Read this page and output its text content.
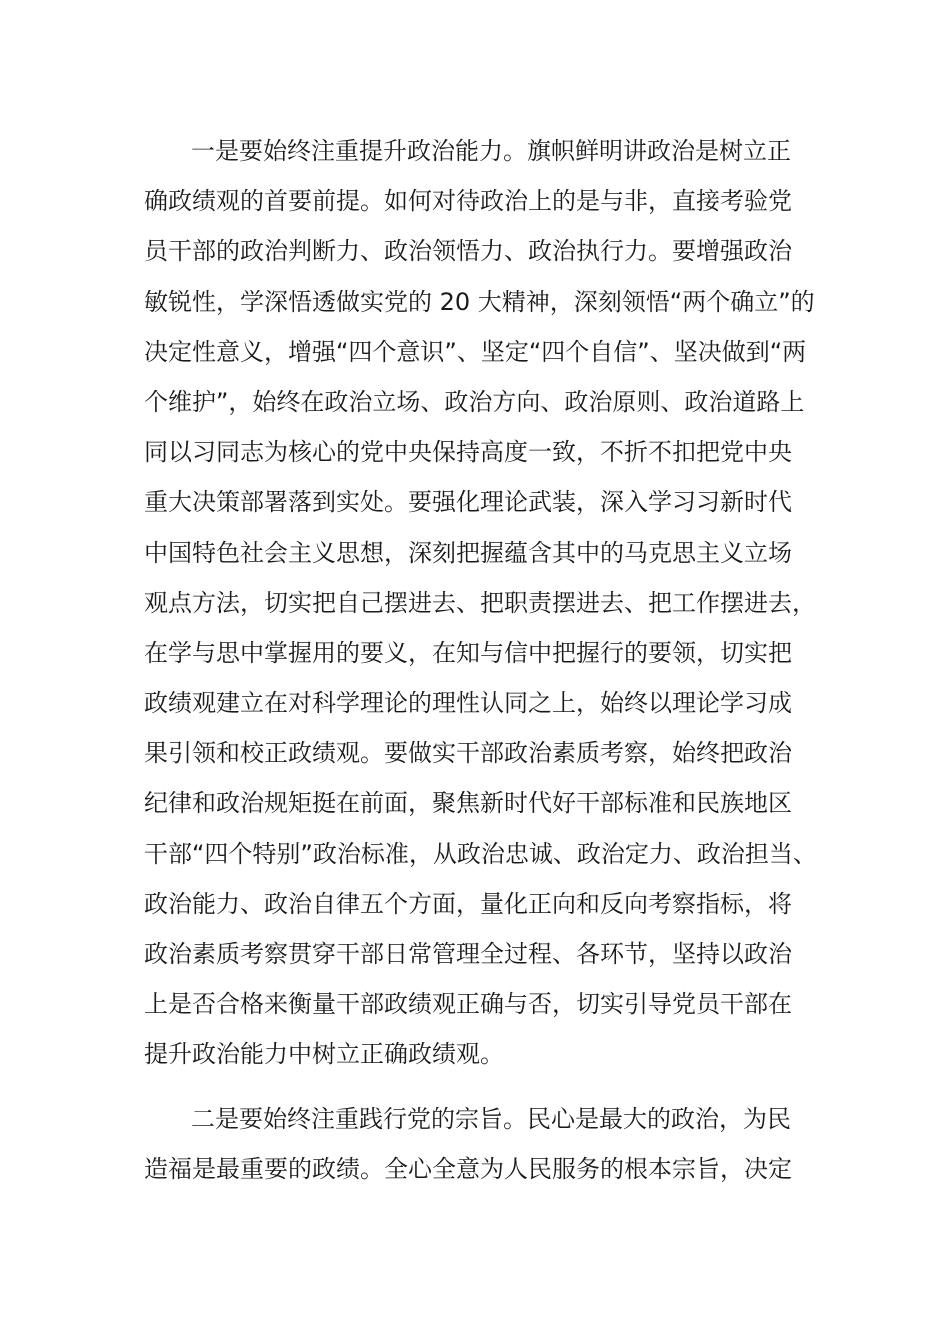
一是要始终注重提升政治能力。旗帜鲜明讲政治是树立正
确政绩观的首要前提。如何对待政治上的是与非，直接考验党
员干部的政治判断力、政治领悟力、政治执行力。要增强政治
敏锐性，学深悟透做实党的 20 大精神，深刻领悟“两个确立”的
决定性意义，增强“四个意识”、坚定“四个自信”、坚决做到“两
个维护”，始终在政治立场、政治方向、政治原则、政治道路上
同以习同志为核心的党中央保持高度一致，不折不扣把党中央
重大决策部署落到实处。要强化理论武装，深入学习习新时代
中国特色社会主义思想，深刻把握蕴含其中的马克思主义立场
观点方法，切实把自己摆进去、把职责摆进去、把工作摆进去，
在学与思中掌握用的要义，在知与信中把握行的要领，切实把
政绩观建立在对科学理论的理性认同之上，始终以理论学习成
果引领和校正政绩观。要做实干部政治素质考察，始终把政治
纪律和政治规矩挺在前面，聚焦新时代好干部标准和民族地区
干部“四个特别”政治标准，从政治忠诚、政治定力、政治担当、
政治能力、政治自律五个方面，量化正向和反向考察指标，将
政治素质考察贯穿干部日常管理全过程、各环节，坚持以政治
上是否合格来衡量干部政绩观正确与否，切实引导党员干部在
提升政治能力中树立正确政绩观。
二是要始终注重践行党的宗旨。民心是最大的政治，为民
造福是最重要的政绩。全心全意为人民服务的根本宗旨，决定
